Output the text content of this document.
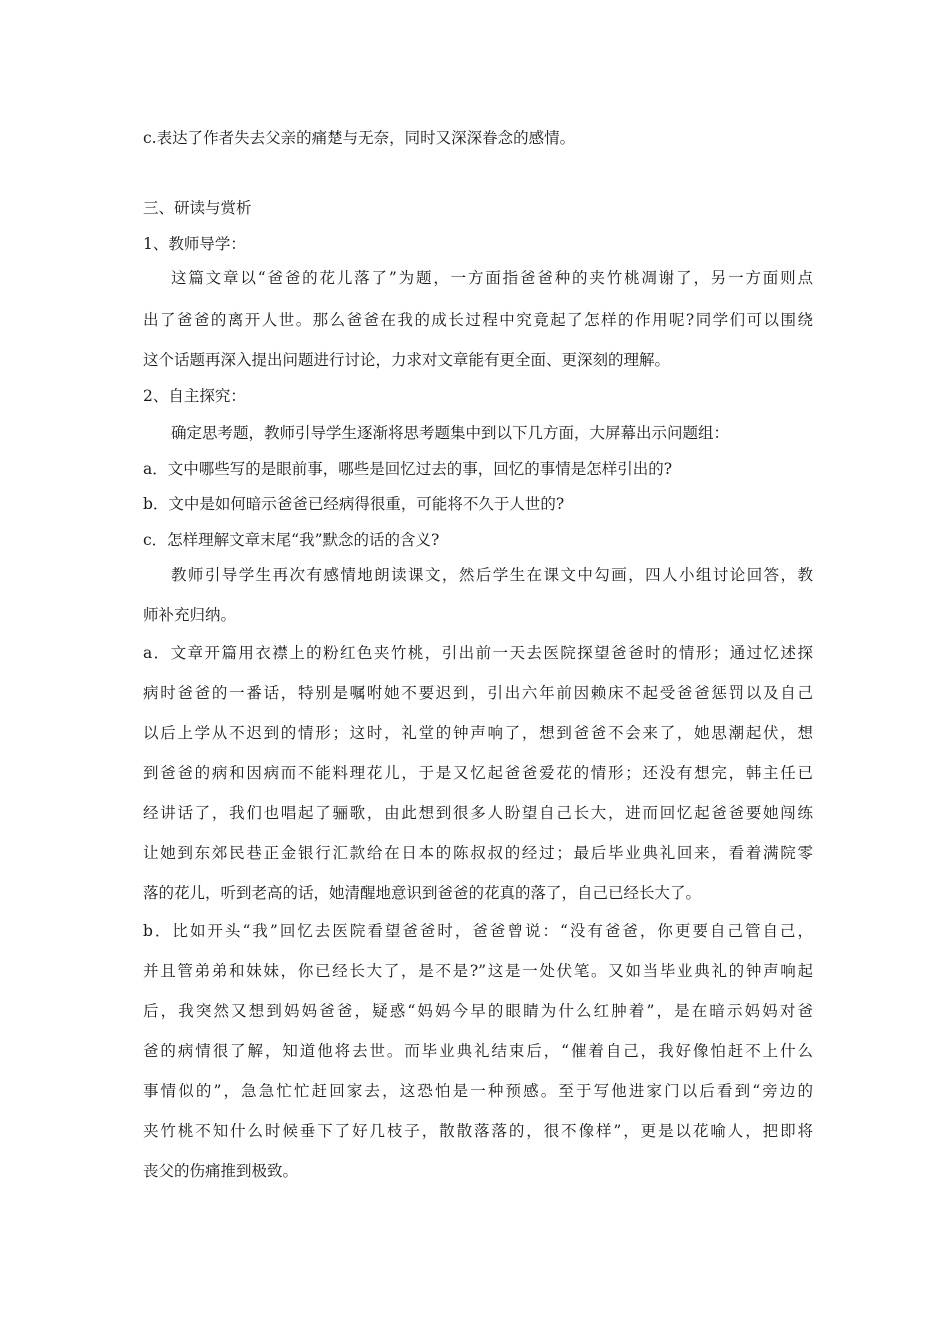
c.表达了作者失去父亲的痛楚与无奈，同时又深深眷念的感情。
三、研读与赏析
1、教师导学：
这篇文章以“爸爸的花儿落了”为题，一方面指爸爸种的夹竹桃凋谢了，另一方面则点
出了爸爸的离开人世。那么爸爸在我的成长过程中究竟起了怎样的作用呢?同学们可以围绕
这个话题再深入提出问题进行讨论，力求对文章能有更全面、更深刻的理解。
2、自主探究：
确定思考题，教师引导学生逐渐将思考题集中到以下几方面，大屏幕出示问题组：
a．文中哪些写的是眼前事，哪些是回忆过去的事，回忆的事情是怎样引出的?
b．文中是如何暗示爸爸已经病得很重，可能将不久于人世的?
c．怎样理解文章末尾“我”默念的话的含义?
教师引导学生再次有感情地朗读课文，然后学生在课文中勾画，四人小组讨论回答，教
师补充归纳。
a．文章开篇用衣襟上的粉红色夹竹桃，引出前一天去医院探望爸爸时的情形；通过忆述探
病时爸爸的一番话，特别是嘱咐她不要迟到，引出六年前因赖床不起受爸爸惩罚以及自己
以后上学从不迟到的情形；这时，礼堂的钟声响了，想到爸爸不会来了，她思潮起伏，想
到爸爸的病和因病而不能料理花儿，于是又忆起爸爸爱花的情形；还没有想完，韩主任已
经讲话了，我们也唱起了骊歌，由此想到很多人盼望自己长大，进而回忆起爸爸要她闯练
让她到东郊民巷正金银行汇款给在日本的陈叔叔的经过；最后毕业典礼回来，看着满院零
落的花儿，听到老高的话，她清醒地意识到爸爸的花真的落了，自己已经长大了。
b．比如开头“我”回忆去医院看望爸爸时，爸爸曾说：“没有爸爸，你更要自己管自己，
并且管弟弟和妹妹，你已经长大了，是不是?”这是一处伏笔。又如当毕业典礼的钟声响起
后，我突然又想到妈妈爸爸，疑惑“妈妈今早的眼睛为什么红肿着”，是在暗示妈妈对爸
爸的病情很了解，知道他将去世。而毕业典礼结束后，“催着自己，我好像怕赶不上什么
事情似的”，急急忙忙赶回家去，这恐怕是一种预感。至于写他进家门以后看到“旁边的
夹竹桃不知什么时候垂下了好几枝子，散散落落的，很不像样”，更是以花喻人，把即将
丧父的伤痛推到极致。
